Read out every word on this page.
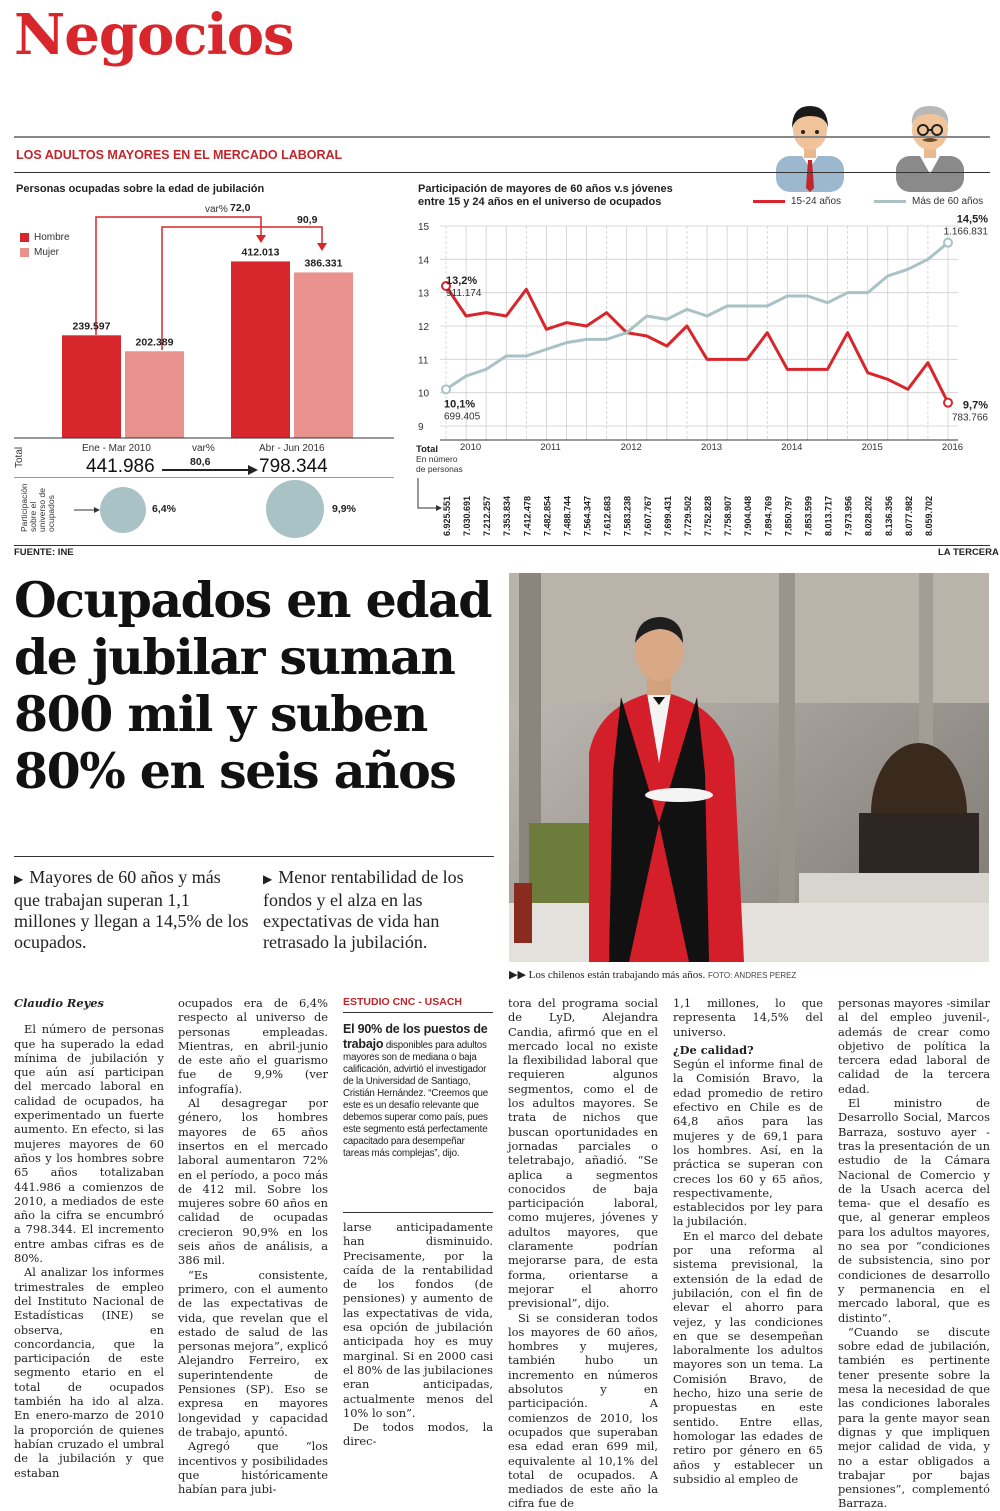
Negocios
LOS ADULTOS MAYORES EN EL MERCADO LABORAL
Personas ocupadas sobre la edad de jubilación
Hombre
Mujer
239.597
202.389
412.013
386.331
var% 72,0
90,9
Ene - Mar 2010	Abr - Jun 2016
Total	441.986	798.344
var%
80,6
Participación sobre el universo de ocupados	6,4%	9,9%
Participación de mayores de 60 años v.s jóvenes
entre 15 y 24 años en el universo de ocupados	15-24 años	Más de 60 años
15
14
13
12
11
10
9
2010	2011	2012	2013	2014	2015	2016
13,2%
911.174
10,1%
699.405
14,5%
1.166.831
9,7%
783.766
Total
En número
de personas
6.925.551 7.030.691 7.212.257 7.353.834 7.412.478 7.482.854 7.488.744 7.564.347 7.612.683 7.583.238 7.607.767 7.699.431 7.729.502 7.752.828 7.758.907 7.904.048 7.894.769 7.850.797 7.853.599 8.013.717 7.973.956 8.028.202 8.136.356 8.077.982 8.059.702
FUENTE: INE	LA TERCERA
Ocupados en edad de jubilar suman 800 mil y suben 80% en seis años
▶ Mayores de 60 años y más que trabajan superan 1,1 millones y llegan a 14,5% de los ocupados.
▶ Menor rentabilidad de los fondos y el alza en las expectativas de vida han retrasado la jubilación.
▶▶ Los chilenos están trabajando más años. FOTO: ANDRES PEREZ

Claudio Reyes

El número de personas que ha superado la edad mínima de jubilación y que aún así participan del mercado laboral en calidad de ocupados, ha experimentado un fuerte aumento. En efecto, si las mujeres mayores de 60 años y los hombres sobre 65 años totalizaban 441.986 a comienzos de 2010, a mediados de este año la cifra se encumbró a 798.344. El incremento entre ambas cifras es de 80%.

Al analizar los informes trimestrales de empleo del Instituto Nacional de Estadísticas (INE) se observa, en concordancia, que la participación de este segmento etario en el total de ocupados también ha ido al alza. En enero-marzo de 2010 la proporción de quienes habían cruzado el umbral de la jubilación y que estaban

ocupados era de 6,4% respecto al universo de personas empleadas. Mientras, en abril-junio de este año el guarismo fue de 9,9% (ver infografía).

Al desagregar por género, los hombres mayores de 65 años insertos en el mercado laboral aumentaron 72% en el período, a poco más de 412 mil. Sobre los mujeres sobre 60 años en calidad de ocupadas crecieron 90,9% en los seis años de análisis, a 386 mil.

“Es consistente, primero, con el aumento de las expectativas de vida, que revelan que el estado de salud de las personas mejora”, explicó Alejandro Ferreiro, ex superintendente de Pensiones (SP). Eso se expresa en mayores longevidad y capacidad de trabajo, apuntó.

Agregó que “los incentivos y posibilidades que históricamente habían para jubi-

ESTUDIO CNC - USACH
El 90% de los puestos de trabajo disponibles para adultos mayores son de mediana o baja calificación, advirtió el investigador de la Universidad de Santiago, Cristián Hernández. “Creemos que este es un desafío relevante que debemos superar como país, pues este segmento está perfectamente capacitado para desempeñar tareas más complejas”, dijo.

larse anticipadamente han disminuido. Precisamente, por la caída de la rentabilidad de los fondos (de pensiones) y aumento de las expectativas de vida, esa opción de jubilación anticipada hoy es muy marginal. Si en 2000 casi el 80% de las jubilaciones eran anticipadas, actualmente menos del 10% lo son”.

De todos modos, la direc-

tora del programa social de LyD, Alejandra Candia, afirmó que en el mercado local no existe la flexibilidad laboral que requieren algunos segmentos, como el de los adultos mayores. Se trata de nichos que buscan oportunidades en jornadas parciales o teletrabajo, añadió. “Se aplica a segmentos conocidos de baja participación laboral, como mujeres, jóvenes y adultos mayores, que claramente podrían mejorarse para, de esta forma, orientarse a mejorar el ahorro previsional”, dijo.

Si se consideran todos los mayores de 60 años, hombres y mujeres, también hubo un incremento en números absolutos y en participación. A comienzos de 2010, los ocupados que superaban esa edad eran 699 mil, equivalente al 10,1% del total de ocupados. A mediados de este año la cifra fue de

1,1 millones, lo que representa 14,5% del universo.

¿De calidad?

Según el informe final de la Comisión Bravo, la edad promedio de retiro efectivo en Chile es de 64,8 años para las mujeres y de 69,1 para los hombres. Así, en la práctica se superan con creces los 60 y 65 años, respectivamente, establecidos por ley para la jubilación.

En el marco del debate por una reforma al sistema previsional, la extensión de la edad de jubilación, con el fin de elevar el ahorro para vejez, y las condiciones en que se desempeñan laboralmente los adultos mayores son un tema. La Comisión Bravo, de hecho, hizo una serie de propuestas en este sentido. Entre ellas, homologar las edades de retiro por género en 65 años y establecer un subsidio al empleo de

personas mayores -similar al del empleo juvenil-, además de crear como objetivo de política la tercera edad laboral de calidad de la tercera edad.

El ministro de Desarrollo Social, Marcos Barraza, sostuvo ayer -tras la presentación de un estudio de la Cámara Nacional de Comercio y de la Usach acerca del tema- que el desafío es que, al generar empleos para los adultos mayores, no sea por “condiciones de subsistencia, sino por condiciones de desarrollo y permanencia en el mercado laboral, que es distinto”.

“Cuando se discute sobre edad de jubilación, también es pertinente tener presente sobre la mesa la necesidad de que las condiciones laborales para la gente mayor sean dignas y que impliquen mejor calidad de vida, y no a estar obligados a trabajar por bajas pensiones”, complementó Barraza.
